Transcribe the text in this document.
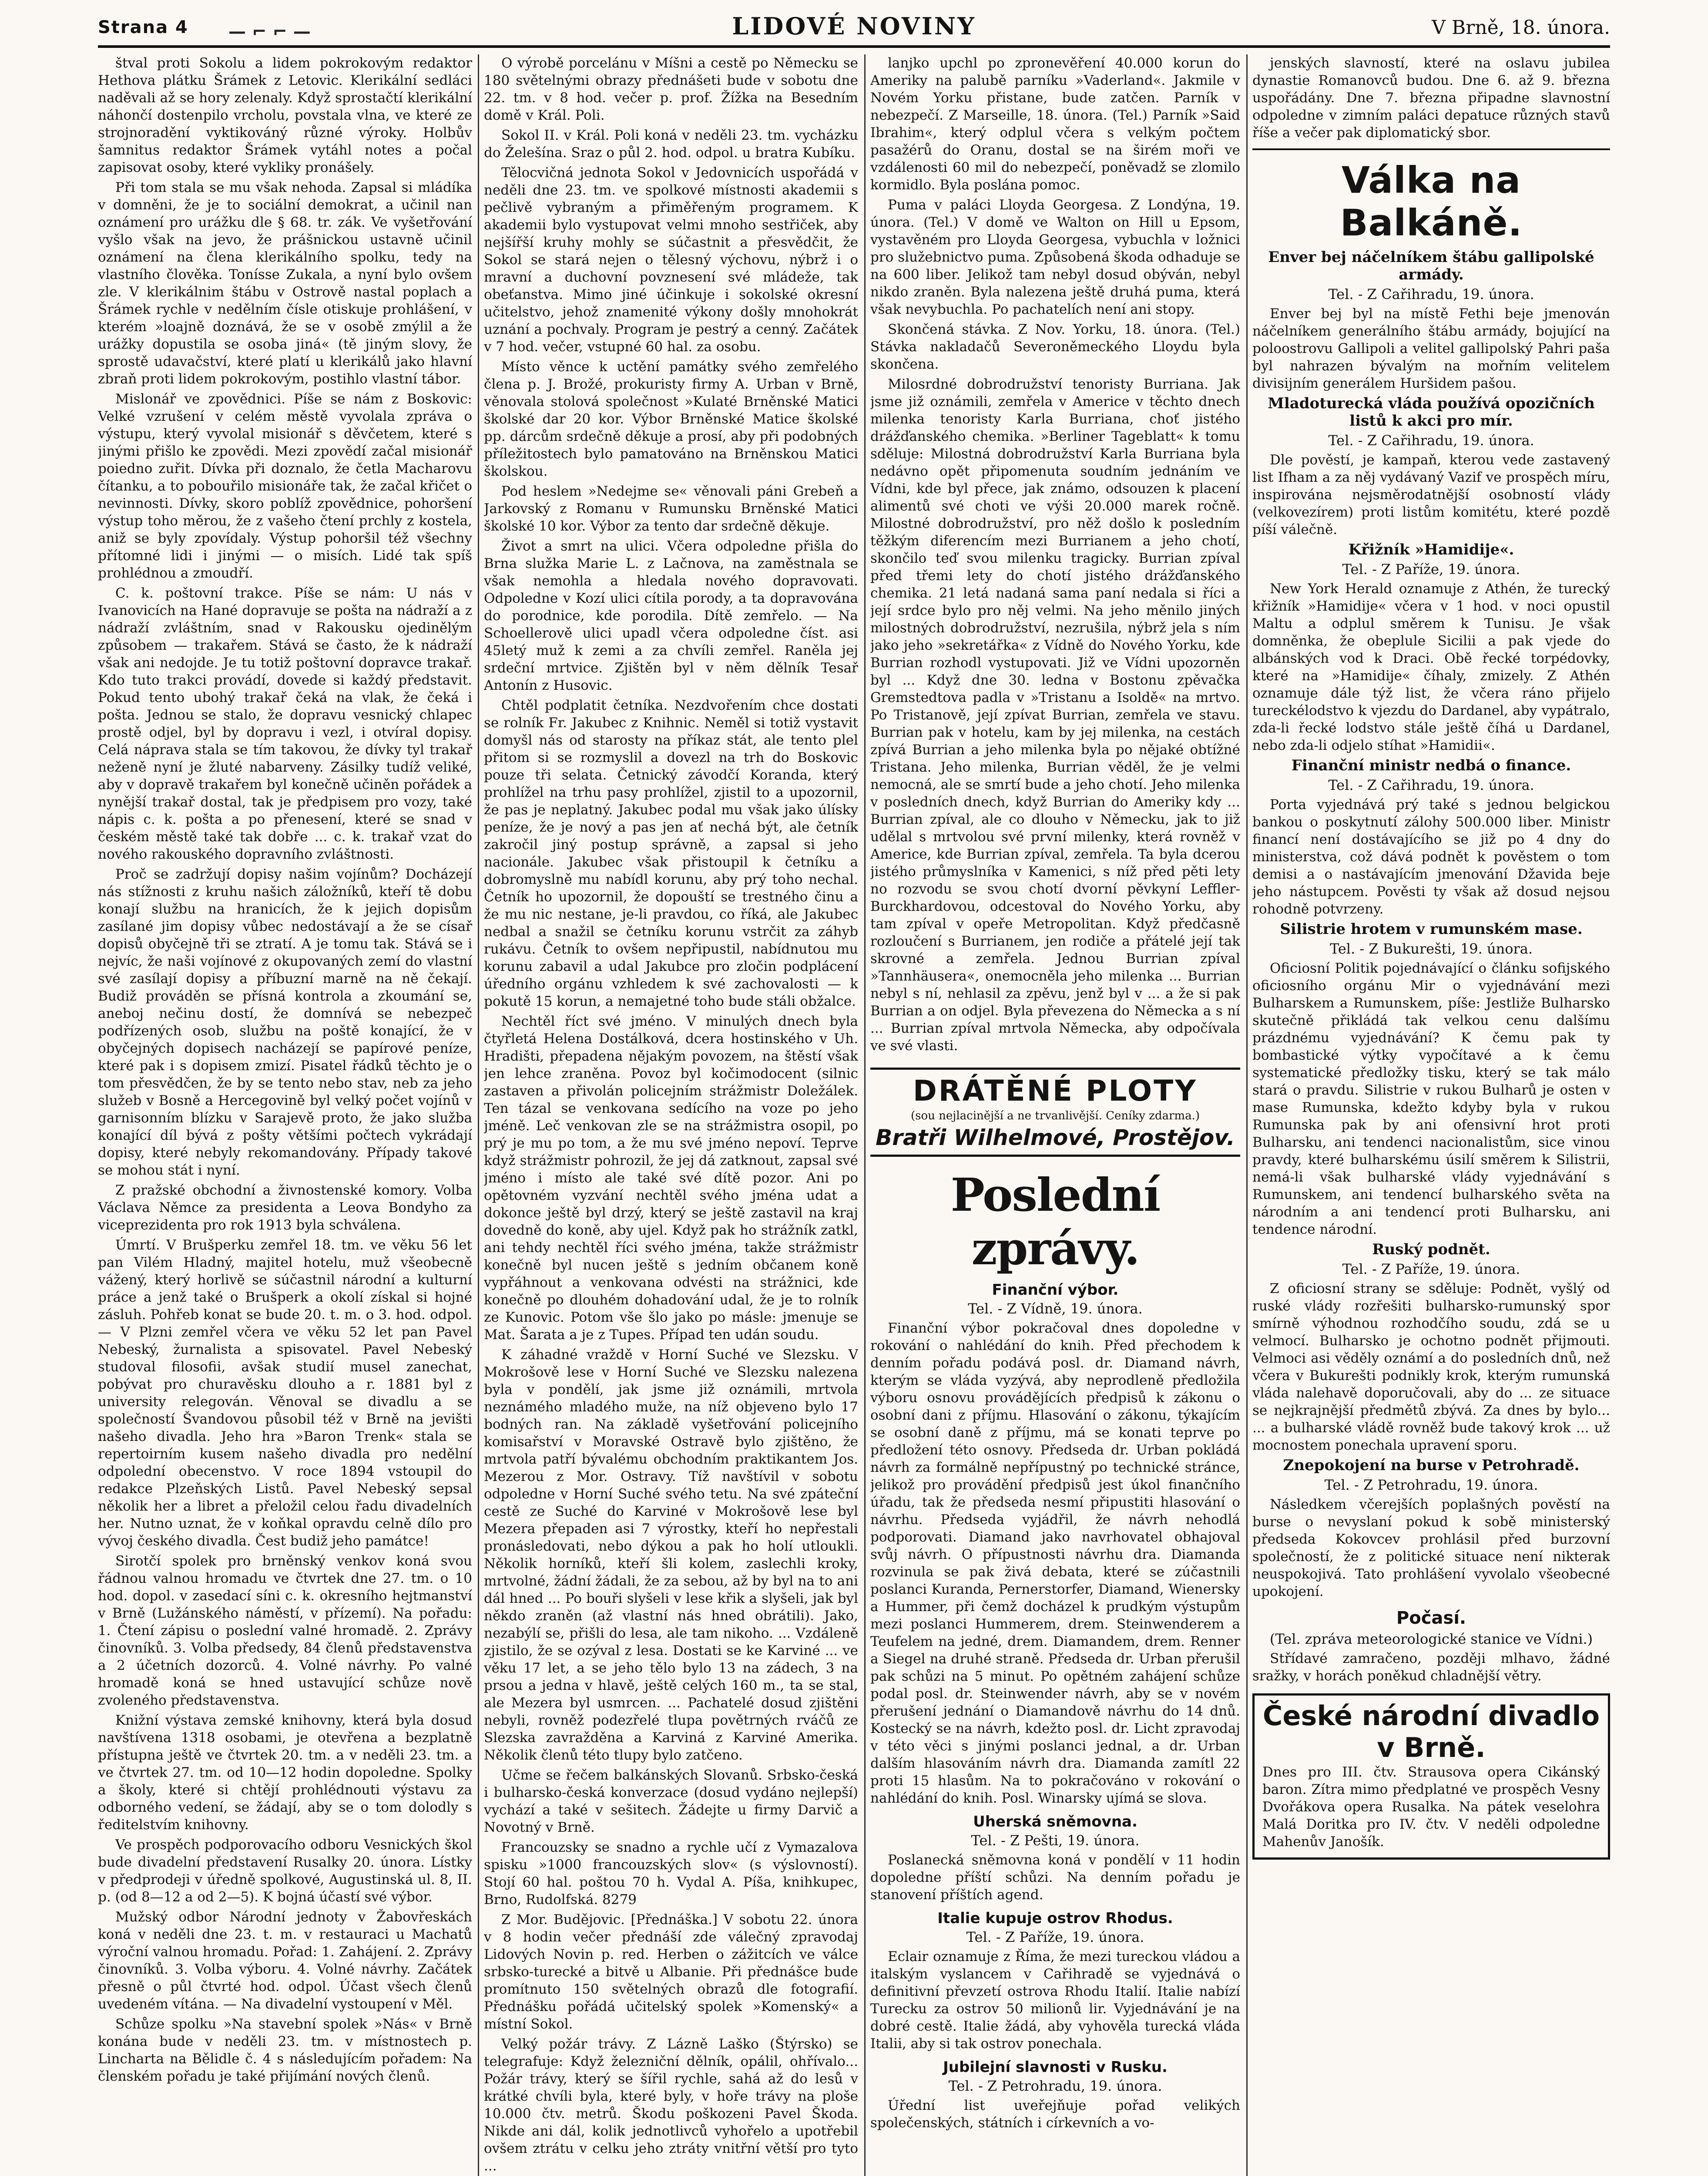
Strana 4 — ⌐ ⌐ —	LIDOVÉ NOVINY	V Brně, 18. února.

štval proti Sokolu a lidem pokrokovým redaktor Hethova plátku Šrámek z Letovic. Klerikální sedláci naděvali až se hory zelenaly. Když sprostačtí klerikální náhončí dostenpilo vrcholu, povstala vlna, ve které ze strojnoradění vyktikováný různé výroky. Holbův šamnitus redaktor Šrámek vytáhl notes a počal zapisovat osoby, které vykliky pronášely.

Při tom stala se mu však nehoda. Zapsal si mládíka v domněni, že je to sociální demokrat, a učinil nan oznámení pro urážku dle § 68. tr. zák. Ve vyšetřování vyšlo však na jevo, že prášnickou ustavně učinil oznámení na člena klerikálního spolku, tedy na vlastního člověka. Tonísse Zukala, a nyní bylo ovšem zle. V klerikálnim štábu v Ostrově nastal poplach a Šrámek rychle v nedělním čísle otiskuje prohlášení, v kterém »loajně doznává, že se v osobě zmýlil a že urážky dopustila se osoba jiná« (tě jiným slovy, že sprostě udavačství, které platí u klerikálů jako hlavní zbraň proti lidem pokrokovým, postihlo vlastní tábor.

Mislonář ve zpovědnici. Píše se nám z Boskovic: Velké vzrušení v celém městě vyvolala zpráva o výstupu, který vyvolal misionář s děvčetem, které s jinými přišlo ke zpovědi. Mezi zpovědí začal misionář poiedno zuřit. Dívka při doznalo, že četla Macharovu čítanku, a to pobouřilo misionáře tak, že začal křičet o nevinnosti. Dívky, skoro poblíž zpovědnice, pohoršení výstup toho měrou, že z vašeho čtení prchly z kostela, aniž se byly zpovídaly. Výstup pohoršil též všechny přítomné lidi i jinými — o misích. Lidé tak spíš prohlédnou a zmoudří.

C. k. poštovní trakce. Píše se nám: U nás v Ivanovicích na Hané dopravuje se pošta na nádraží a z nádraží zvláštním, snad v Rakousku ojedinělým způsobem — trakařem. Stává se často, že k nádraží však ani nedojde. Je tu totiž poštovní dopravce trakař. Kdo tuto trakci provádí, dovede si každý představit. Pokud tento ubohý trakař čeká na vlak, že čeká i pošta. Jednou se stalo, že dopravu vesnický chlapec prostě odjel, byl by dopravu i vezl, i otvíral dopisy. Celá náprava stala se tím takovou, že dívky tyl trakař neženě nyní je žluté nabarveny. Zásilky tudíž veliké, aby v dopravě trakařem byl konečně učiněn pořádek a nynější trakař dostal, tak je předpisem pro vozy, také nápis c. k. pošta a po přenesení, které se snad v českém městě také tak dobře ... c. k. trakař vzat do nového rakouského dopravního zvláštnosti.

Proč se zadržují dopisy našim vojínům? Docházejí nás stížnosti z kruhu našich záložníků, kteří tě dobu konají službu na hranicích, že k jejich dopisům zasílané jim dopisy vůbec nedostávají a že se císař dopisů obyčejně tři se ztratí. A je tomu tak. Stává se i nejvíc, že naši vojínové z okupovaných zemí do vlastní své zasílají dopisy a příbuzní marně na ně čekají. Budiž prováděn se přísná kontrola a zkoumání se, aneboj nečinu dostí, že domnívá se nebezpeč podřízených osob, službu na poště konající, že v obyčejných dopisech nacházejí se papírové peníze, které pak i s dopisem zmizí. Pisatel řádků těchto je o tom přesvědčen, že by se tento nebo stav, neb za jeho služeb v Bosně a Hercegovině byl velký počet vojínů v garnisonním blízku v Sarajevě proto, že jako služba konající díl bývá z pošty většími počtech vykrádají dopisy, které nebyly rekomandovány. Případy takové se mohou stát i nyní.

Z pražské obchodní a živnostenské komory. Volba Václava Němce za presidenta a Leova Bondyho za viceprezidenta pro rok 1913 byla schválena.

Úmrtí. V Brušperku zemřel 18. tm. ve věku 56 let pan Vilém Hladný, majitel hotelu, muž všeobecně vážený, který horlivě se súčastnil národní a kulturní práce a jenž také o Brušperk a okolí získal si hojné zásluh. Pohřeb konat se bude 20. t. m. o 3. hod. odpol. — V Plzni zemřel včera ve věku 52 let pan Pavel Nebeský, žurnalista a spisovatel. Pavel Nebeský studoval filosofii, avšak studií musel zanechat, pobývat pro churavěsku dlouho a r. 1881 byl z university relegován. Věnoval se divadlu a se společností Švandovou působil též v Brně na jevišti našeho divadla. Jeho hra »Baron Trenk« stala se repertoirním kusem našeho divadla pro nedělní odpolední obecenstvo. V roce 1894 vstoupil do redakce Plzeňských Listů. Pavel Nebeský sepsal několik her a libret a přeložil celou řadu divadelních her. Nutno uznat, že v koňkal opravdu celně dílo pro vývoj českého divadla. Čest budiž jeho památce!

Sirotčí spolek pro brněnský venkov koná svou řádnou valnou hromadu ve čtvrtek dne 27. tm. o 10 hod. dopol. v zasedací síni c. k. okresního hejtmanství v Brně (Lužánského náměstí, v přízemí). Na pořadu: 1. Čtení zápisu o poslední valné hromadě. 2. Zprávy činovníků. 3. Volba předsedy, 84 členů představenstva a 2 účetních dozorců. 4. Volné návrhy. Po valné hromadě koná se hned ustavující schůze nově zvoleného představenstva.

Knižní výstava zemské knihovny, která byla dosud navštívena 1318 osobami, je otevřena a bezplatně přístupna ještě ve čtvrtek 20. tm. a v neděli 23. tm. a ve čtvrtek 27. tm. od 10—12 hodin dopoledne. Spolky a školy, které si chtějí prohlédnouti výstavu za odborného vedení, se žádají, aby se o tom dolodly s ředitelstvím knihovny.

Ve prospěch podporovacího odboru Vesnických škol bude divadelní představení Rusalky 20. února. Lístky v předprodeji v úředně spolkové, Augustinská ul. 8, II. p. (od 8—12 a od 2—5). K bojná účastí své výbor.

Mužský odbor Národní jednoty v Žabovřeskách koná v neděli dne 23. t. m. v restauraci u Machatů výroční valnou hromadu. Pořad: 1. Zahájení. 2. Zprávy činovníků. 3. Volba výboru. 4. Volné návrhy. Začátek přesně o půl čtvrté hod. odpol. Účast všech členů uvedeném vítána. — Na divadelní vystoupení v Měl.

Schůze spolku »Na stavební spolek »Nás« v Brně konána bude v neděli 23. tm. v místnostech p. Lincharta na Bělidle č. 4 s následujícím pořadem: Na členském pořadu je také přijímání nových členů.

O výrobě porcelánu v Míšni a cestě po Německu se 180 světelnými obrazy přednášeti bude v sobotu dne 22. tm. v 8 hod. večer p. prof. Žížka na Besedním domě v Král. Poli.

Sokol II. v Král. Poli koná v neděli 23. tm. vycházku do Želešína. Sraz o půl 2. hod. odpol. u bratra Kubíku.

Tělocvičná jednota Sokol v Jedovnicích uspořádá v neděli dne 23. tm. ve spolkové místnosti akademii s pečlivě vybraným a přiměřeným programem. K akademii bylo vystupovat velmi mnoho sestřiček, aby nejšířší kruhy mohly se súčastnit a přesvědčit, že Sokol se stará nejen o tělesný výchovu, nýbrž i o mravní a duchovní povznesení své mládeže, tak obeťanstva. Mimo jiné účinkuje i sokolské okresní učitelstvo, jehož znamenité výkony došly mnohokrát uznání a pochvaly. Program je pestrý a cenný. Začátek v 7 hod. večer, vstupné 60 hal. za osobu.

Místo věnce k uctění památky svého zemřelého člena p. J. Brožé, prokuristy firmy A. Urban v Brně, věnovala stolová společnost »Kulaté Brněnské Matici školské dar 20 kor. Výbor Brněnské Matice školské pp. dárcům srdečně děkuje a prosí, aby při podobných příležitostech bylo pamatováno na Brněnskou Matici školskou.

Pod heslem »Nedejme se« věnovali páni Grebeň a Jarkovský z Romanu v Rumunsku Brněnské Matici školské 10 kor. Výbor za tento dar srdečně děkuje.

Život a smrt na ulici. Včera odpoledne přišla do Brna služka Marie L. z Lačnova, na zaměstnala se však nemohla a hledala nového dopravovati. Odpoledne v Kozí ulici cítila porody, a ta dopravována do porodnice, kde porodila. Dítě zemřelo. — Na Schoellerově ulici upadl včera odpoledne číst. asi 45letý muž k zemi a za chvíli zemřel. Raněla jej srdeční mrtvice. Zjištěn byl v něm dělník Tesař Antonín z Husovic.

Chtěl podplatit četníka. Nezdvořením chce dostati se rolník Fr. Jakubec z Knihnic. Neměl si totiž vystavit domyšl nás od starosty na příkaz stát, ale tento plel přitom si se rozmyslil a dovezl na trh do Boskovic pouze tři selata. Četnický závodčí Koranda, který prohlížel na trhu pasy prohlížel, zjistil to a upozornil, že pas je neplatný. Jakubec podal mu však jako úlísky peníze, že je nový a pas jen ať nechá být, ale četník zakročil jiný postup správně, a zapsal si jeho nacionále. Jakubec však přistoupil k četníku a dobromyslně mu nabídl korunu, aby prý toho nechal. Četník ho upozornil, že dopouští se trestného činu a že mu nic nestane, je-li pravdou, co říká, ale Jakubec nedbal a snažil se četníku korunu vstrčit za záhyb rukávu. Četník to ovšem nepřipustil, nabídnutou mu korunu zabavil a udal Jakubce pro zločin podplácení úředního orgánu vzhledem k své zachovalosti — k pokutě 15 korun, a nemajetné toho bude stáli obžalce.

Nechtěl říct své jméno. V minulých dnech byla čtyřletá Helena Dostálková, dcera hostinského v Uh. Hradišti, přepadena nějakým povozem, na štěstí však jen lehce zraněna. Povoz byl kočimodocent (silnic zastaven a přivolán policejním strážmistr Doležálek. Ten tázal se venkovana sedícího na voze po jeho jméně. Leč venkovan zle se na strážmistra osopil, po prý je mu po tom, a že mu své jméno nepoví. Teprve když strážmistr pohrozil, že jej dá zatknout, zapsal své jméno i místo ale také své dítě pozor. Ani po opětovném vyzvání nechtěl svého jména udat a dokonce ještě byl drzý, který se ještě zastavil na kraj dovedně do koně, aby ujel. Když pak ho strážník zatkl, ani tehdy nechtěl říci svého jména, takže strážmistr konečně byl nucen ještě s jedním občanem koně vypřáhnout a venkovana odvésti na strážnici, kde konečně po dlouhém dohadování udal, že je to rolník ze Kunovic. Potom vše šlo jako po másle: jmenuje se Mat. Šarata a je z Tupes. Případ ten udán soudu.

K záhadné vraždě v Horní Suché ve Slezsku. V Mokrošově lese v Horní Suché ve Slezsku nalezena byla v pondělí, jak jsme již oznámili, mrtvola neznámého mladého muže, na níž objeveno bylo 17 bodných ran. Na základě vyšetřování policejního komisařství v Moravské Ostravě bylo zjištěno, že mrtvola patří bývalému obchodním praktikantem Jos. Mezerou z Mor. Ostravy. Tíž navštívil v sobotu odpoledne v Horní Suché svého tetu. Na své zpáteční cestě ze Suché do Karviné v Mokrošově lese byl Mezera přepaden asi 7 výrostky, kteří ho nepřestali pronásledovati, nebo dýkou a pak ho holí utloukli. Několik horníků, kteří šli kolem, zaslechli kroky, mrtvolné, žádní žádali, že za sebou, až by byl na to ani dál hned ... Po bouři slyšeli v lese křik a slyšeli, jak byl někdo zraněn (až vlastní nás hned obrátili). Jako, nezabýlí se, přišli do lesa, ale tam nikoho. ... Vzdáleně zjistilo, že se ozýval z lesa. Dostati se ke Karviné ... ve věku 17 let, a se jeho tělo bylo 13 na zádech, 3 na prsou a jedna v hlavě, ještě celých 160 m., ta se stal, ale Mezera byl usmrcen. ... Pachatelé dosud zjištěni nebyli, rovněž podezřelé tlupa povětrných rváčů ze Slezska zavražděna a Karviná z Karviné Amerika. Několik členů této tlupy bylo zatčeno.

Učme se řečem balkánských Slovanů. Srbsko-česká i bulharsko-česká konverzace (dosud vydáno nejlepší) vychází a také v sešitech. Žádejte u firmy Darvič a Novotný v Brně.

Francouzsky se snadno a rychle učí z Vymazalova spisku »1000 francouzských slov« (s výslovností). Stojí 60 hal. poštou 70 h. Vydal A. Píša, knihkupec, Brno, Rudolfská. 8279

Z Mor. Budějovic. [Přednáška.] V sobotu 22. února v 8 hodin večer přednáší zde válečný zpravodaj Lidových Novin p. red. Herben o zážitcích ve válce srbsko-turecké a bitvě u Albanie. Při přednášce bude promítnuto 150 světelných obrazů dle fotografií. Přednášku pořádá učitelský spolek »Komenský« a místní Sokol.

Velký požár trávy. Z Lázně Laško (Štýrsko) se telegrafuje: Když železniční dělník, opálil, ohřívalo... Požár trávy, který se šířil rychle, sahá až do lesů v krátké chvíli byla, které byly, v hoře trávy na ploše 10.000 čtv. metrů. Škodu poškozeni Pavel Škoda. Nikde ani dál, kolik jednotlivců vyhořelo a upotřebil ovšem ztrátu v celku jeho ztráty vnitřní větší pro tyto ...

lanjko upchl po zpronevěření 40.000 korun do Ameriky na palubě parníku »Vaderland«. Jakmile v Novém Yorku přistane, bude zatčen. Parník v nebezpečí. Z Marseille, 18. února. (Tel.) Parník »Said Ibrahim«, který odplul včera s velkým počtem pasažérů do Oranu, dostal se na širém moři ve vzdálenosti 60 mil do nebezpečí, poněvadž se zlomilo kormidlo. Byla poslána pomoc.

Puma v paláci Lloyda Georgesa. Z Londýna, 19. února. (Tel.) V domě ve Walton on Hill u Epsom, vystavěném pro Lloyda Georgesa, vybuchla v ložnici pro služebnictvo puma. Způsobená škoda odhaduje se na 600 liber. Jelikož tam nebyl dosud obýván, nebyl nikdo zraněn. Byla nalezena ještě druhá puma, která však nevybuchla. Po pachatelích není ani stopy.

Skončená stávka. Z Nov. Yorku, 18. února. (Tel.) Stávka nakladačů Severoněmeckého Lloydu byla skončena.

Milosrdné dobrodružství tenoristy Burriana. Jak jsme již oznámili, zemřela v Americe v těchto dnech milenka tenoristy Karla Burriana, choť jistého drážďanského chemika. »Berliner Tageblatt« k tomu sděluje: Milostná dobrodružství Karla Burriana byla nedávno opět připomenuta soudním jednáním ve Vídni, kde byl přece, jak známo, odsouzen k placení alimentů své choti ve výši 20.000 marek ročně. Milostné dobrodružství, pro něž došlo k posledním těžkým diferencím mezi Burrianem a jeho chotí, skončilo teď svou milenku tragicky. Burrian zpíval před třemi lety do chotí jistého drážďanského chemika. 21 letá nadaná sama paní nedala si říci a její srdce bylo pro něj velmi. Na jeho měnilo jiných milostných dobrodružství, nezrušila, nýbrž jela s ním jako jeho »sekretářka« z Vídně do Nového Yorku, kde Burrian rozhodl vystupovati. Již ve Vídni upozorněn byl ... Když dne 30. ledna v Bostonu zpěvačka Gremstedtova padla v »Tristanu a Isoldě« na mrtvo. Po Tristanově, její zpívat Burrian, zemřela ve stavu. Burrian pak v hotelu, kam by jej milenka, na cestách zpívá Burrian a jeho milenka byla po nějaké obtížné Tristana. Jeho milenka, Burrian věděl, že je velmi nemocná, ale se smrtí bude a jeho chotí. Jeho milenka v posledních dnech, když Burrian do Ameriky kdy ... Burrian zpíval, ale co dlouho v Německu, jak to již udělal s mrtvolou své první milenky, která rovněž v Americe, kde Burrian zpíval, zemřela. Ta byla dcerou jistého průmyslníka v Kamenici, s níž před pěti lety no rozvodu se svou chotí dvorní pěvkyní Leffler-Burckhardovou, odcestoval do Nového Yorku, aby tam zpíval v opeře Metropolitan. Když předčasně rozloučení s Burrianem, jen rodiče a přátelé její tak skrovné a zemřela. Jednou Burrian zpíval »Tannhäusera«, onemocněla jeho milenka ... Burrian nebyl s ní, nehlasil za zpěvu, jenž byl v ... a že si pak Burrian a on odjel. Byla převezena do Německa a s ní ... Burrian zpíval mrtvola Německa, aby odpočívala ve své vlasti.

DRÁTĚNÉ PLOTY
(sou nejlacinější a ne trvanlivější. Ceníky zdarma.)
Bratři Wilhelmové, Prostějov.
Poslední zprávy.
Finanční výbor.
Tel. - Z Vídně, 19. února.

Finanční výbor pokračoval dnes dopoledne v rokování o nahlédání do knih. Před přechodem k denním pořadu podává posl. dr. Diamand návrh, kterým se vláda vyzývá, aby neprodleně předložila výboru osnovu provádějících předpisů k zákonu o osobní dani z příjmu. Hlasování o zákonu, týkajícím se osobní daně z příjmu, má se konati teprve po předložení této osnovy. Předseda dr. Urban pokládá návrh za formálně nepřípustný po technické stránce, jelikož pro provádění předpisů jest úkol finančního úřadu, tak že předseda nesmí připustiti hlasování o návrhu. Předseda vyjádřil, že návrh nehodlá podporovati. Diamand jako navrhovatel obhajoval svůj návrh. O přípustnosti návrhu dra. Diamanda rozvinula se pak živá debata, které se zúčastnili poslanci Kuranda, Pernerstorfer, Diamand, Wienersky a Hummer, při čemž docházel k prudkým výstupům mezi poslanci Hummerem, drem. Steinwenderem a Teufelem na jedné, drem. Diamandem, drem. Renner a Siegel na druhé straně. Předseda dr. Urban přerušil pak schůzi na 5 minut. Po opětném zahájení schůze podal posl. dr. Steinwender návrh, aby se v novém přerušení jednání o Diamandově návrhu do 14 dnů. Kostecký se na návrh, kdežto posl. dr. Licht zpravodaj v této věci s jinými poslanci jednal, a dr. Urban dalším hlasováním návrh dra. Diamanda zamítl 22 proti 15 hlasům. Na to pokračováno v rokování o nahlédání do knih. Posl. Winarsky ujímá se slova.

Uherská sněmovna.
Tel. - Z Pešti, 19. února.

Poslanecká sněmovna koná v pondělí v 11 hodin dopoledne příští schůzi. Na denním pořadu je stanovení příštích agend.

Italie kupuje ostrov Rhodus.
Tel. - Z Paříže, 19. února.

Eclair oznamuje z Říma, že mezi tureckou vládou a italským vyslancem v Cařihradě se vyjednává o definitivní převzetí ostrova Rhodu Italií. Italie nabízí Turecku za ostrov 50 milionů lir. Vyjednávání je na dobré cestě. Italie žádá, aby vyhověla turecká vláda Italii, aby si tak ostrov ponechala.

Jubilejní slavnosti v Rusku.
Tel. - Z Petrohradu, 19. února.

Úřední list uveřejňuje pořad velikých společenských, státních i církevních a vo-

jenských slavností, které na oslavu jubilea dynastie Romanovců budou. Dne 6. až 9. března uspořádány. Dne 7. března připadne slavnostní odpoledne v zimním paláci depatuce různých stavů říše a večer pak diplomatický sbor.

Válka na Balkáně.
Enver bej náčelníkem štábu gallipolské armády.
Tel. - Z Cařihradu, 19. února.

Enver bej byl na místě Fethi beje jmenován náčelníkem generálního štábu armády, bojující na poloostrovu Gallipoli a velitel gallipolský Pahri paša byl nahrazen bývalým na mořním velitelem divisijním generálem Huršidem pašou.

Mladoturecká vláda používá opozičních listů k akci pro mír.
Tel. - Z Cařihradu, 19. února.

Dle pověstí, je kampaň, kterou vede zastavený list Ifham a za něj vydávaný Vazif ve prospěch míru, inspirována nejsměrodatnější osobností vlády (velkovezírem) proti listům komitétu, které pozdě píší válečně.

Křižník »Hamidije«.
Tel. - Z Paříže, 19. února.

New York Herald oznamuje z Athén, že turecký křižník »Hamidije« včera v 1 hod. v noci opustil Maltu a odplul směrem k Tunisu. Je však domněnka, že obeplule Sicilii a pak vjede do albánských vod k Draci. Obě řecké torpédovky, které na »Hamidije« číhaly, zmizely. Z Athén oznamuje dále týž list, že včera ráno přijelo tureckélodstvo k vjezdu do Dardanel, aby vypátralo, zda-li řecké lodstvo stále ještě číhá u Dardanel, nebo zda-li odjelo stíhat »Hamidii«.

Finanční ministr nedbá o finance.
Tel. - Z Cařihradu, 19. února.

Porta vyjednává prý také s jednou belgickou bankou o poskytnutí zálohy 500.000 liber. Ministr financí není dostávajícího se již po 4 dny do ministerstva, což dává podnět k pověstem o tom demisi a o nastávajícím jmenování Džavida beje jeho nástupcem. Pověsti ty však až dosud nejsou rohodně potvrzeny.

Silistrie hrotem v rumunském mase.
Tel. - Z Bukurešti, 19. února.

Oficiosní Politik pojednávající o článku sofijského oficiosního orgánu Mir o vyjednávání mezi Bulharskem a Rumunskem, píše: Jestliže Bulharsko skutečně přikládá tak velkou cenu dalšímu prázdnému vyjednávání? K čemu pak ty bombastické výtky vypočítavé a k čemu systematické předložky tisku, který se tak málo stará o pravdu. Silistrie v rukou Bulharů je osten v mase Rumunska, kdežto kdyby byla v rukou Rumunska pak by ani ofensivní hrot proti Bulharsku, ani tendenci nacionalistům, sice vinou pravdy, které bulharskému úsilí směrem k Silistrii, nemá-li však bulharské vlády vyjednávání s Rumunskem, ani tendencí bulharského světa na národním a ani tendencí proti Bulharsku, ani tendence národní.

Ruský podnět.
Tel. - Z Paříže, 19. února.

Z oficiosní strany se sděluje: Podnět, vyšlý od ruské vlády rozřešiti bulharsko-rumunský spor smírně výhodnou rozhodčího soudu, zdá se u velmocí. Bulharsko je ochotno podnět přijmouti. Velmoci asi věděly oznámí a do posledních dnů, než včera v Bukurešti podnikly krok, kterým rumunská vláda nalehavě doporučovali, aby do ... ze situace se nejkrajnější předmětů zbývá. Za dnes by bylo... ... a bulharské vládě rovněž bude takový krok ... už mocnostem ponechala upravení sporu.

Znepokojení na burse v Petrohradě.
Tel. - Z Petrohradu, 19. února.

Následkem včerejších poplašných pověstí na burse o nevyslaní pokud k sobě ministerský předseda Kokovcev prohlásil před burzovní společností, že z politické situace není nikterak neuspokojivá. Tato prohlášení vyvolalo všeobecné upokojení.

Počasí.
(Tel. zpráva meteorologické stanice ve Vídni.)

Střídavé zamračeno, později mlhavo, žádné sražky, v horách poněkud chladnější větry.

České národní divadlo v Brně.

Dnes pro III. čtv. Strausova opera Cikánský baron. Zítra mimo předplatné ve prospěch Vesny Dvořákova opera Rusalka. Na pátek veselohra Malá Doritka pro IV. čtv. V neděli odpoledne Mahenův Janošík.
